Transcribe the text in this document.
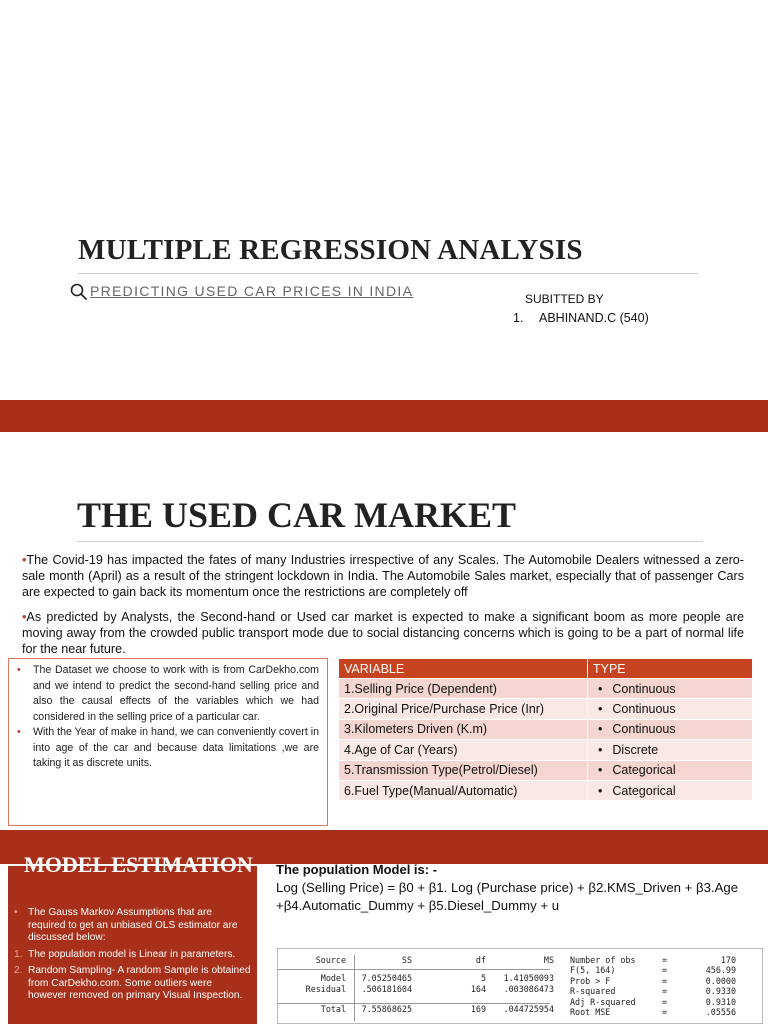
MULTIPLE REGRESSION ANALYSIS
PREDICTING USED CAR PRICES IN INDIA	SUBITTED BY
1. ABHINAND.C (540)
THE USED CAR MARKET
•The Covid-19 has impacted the fates of many Industries irrespective of any Scales. The Automobile Dealers witnessed a zero-sale month (April) as a result of the stringent lockdown in India. The Automobile Sales market, especially that of passenger Cars are expected to gain back its momentum once the restrictions are completely off
•As predicted by Analysts, the Second-hand or Used car market is expected to make a significant boom as more people are moving away from the crowded public transport mode due to social distancing concerns which is going to be a part of normal life for the near future.
• The Dataset we choose to work with is from CarDekho.com and we intend to predict the second-hand selling price and also the causal effects of the variables which we had considered in the selling price of a particular car.
• With the Year of make in hand, we can conveniently covert in into age of the car and because data limitations ,we are taking it as discrete units.
VARIABLE	TYPE
1.Selling Price (Dependent)	• Continuous
2.Original Price/Purchase Price (Inr)	• Continuous
3.Kilometers Driven (K.m)	• Continuous
4.Age of Car (Years)	• Discrete
5.Transmission Type(Petrol/Diesel)	• Categorical
6.Fuel Type(Manual/Automatic)	• Categorical
MODEL ESTIMATION
• The Gauss Markov Assumptions that are required to get an unbiased OLS estimator are discussed below:
1. The population model is Linear in parameters.
2. Random Sampling- A random Sample is obtained from CarDekho.com. Some outliers were however removed on primary Visual Inspection.
The population Model is: -
Log (Selling Price) = β0 + β1. Log (Purchase price) + β2.KMS_Driven + β3.Age +β4.Automatic_Dummy + β5.Diesel_Dummy + u
Source	SS	df	MS

Model	7.05250465	5	1.41050093
Residual	.506181604	164	.003086473

Total	7.55868625	169	.044725954
Number of obs	=	170
F(5, 164)	=	456.99
Prob > F	=	0.0000
R-squared	=	0.9330
Adj R-squared	=	0.9310
Root MSE	=	.05556
